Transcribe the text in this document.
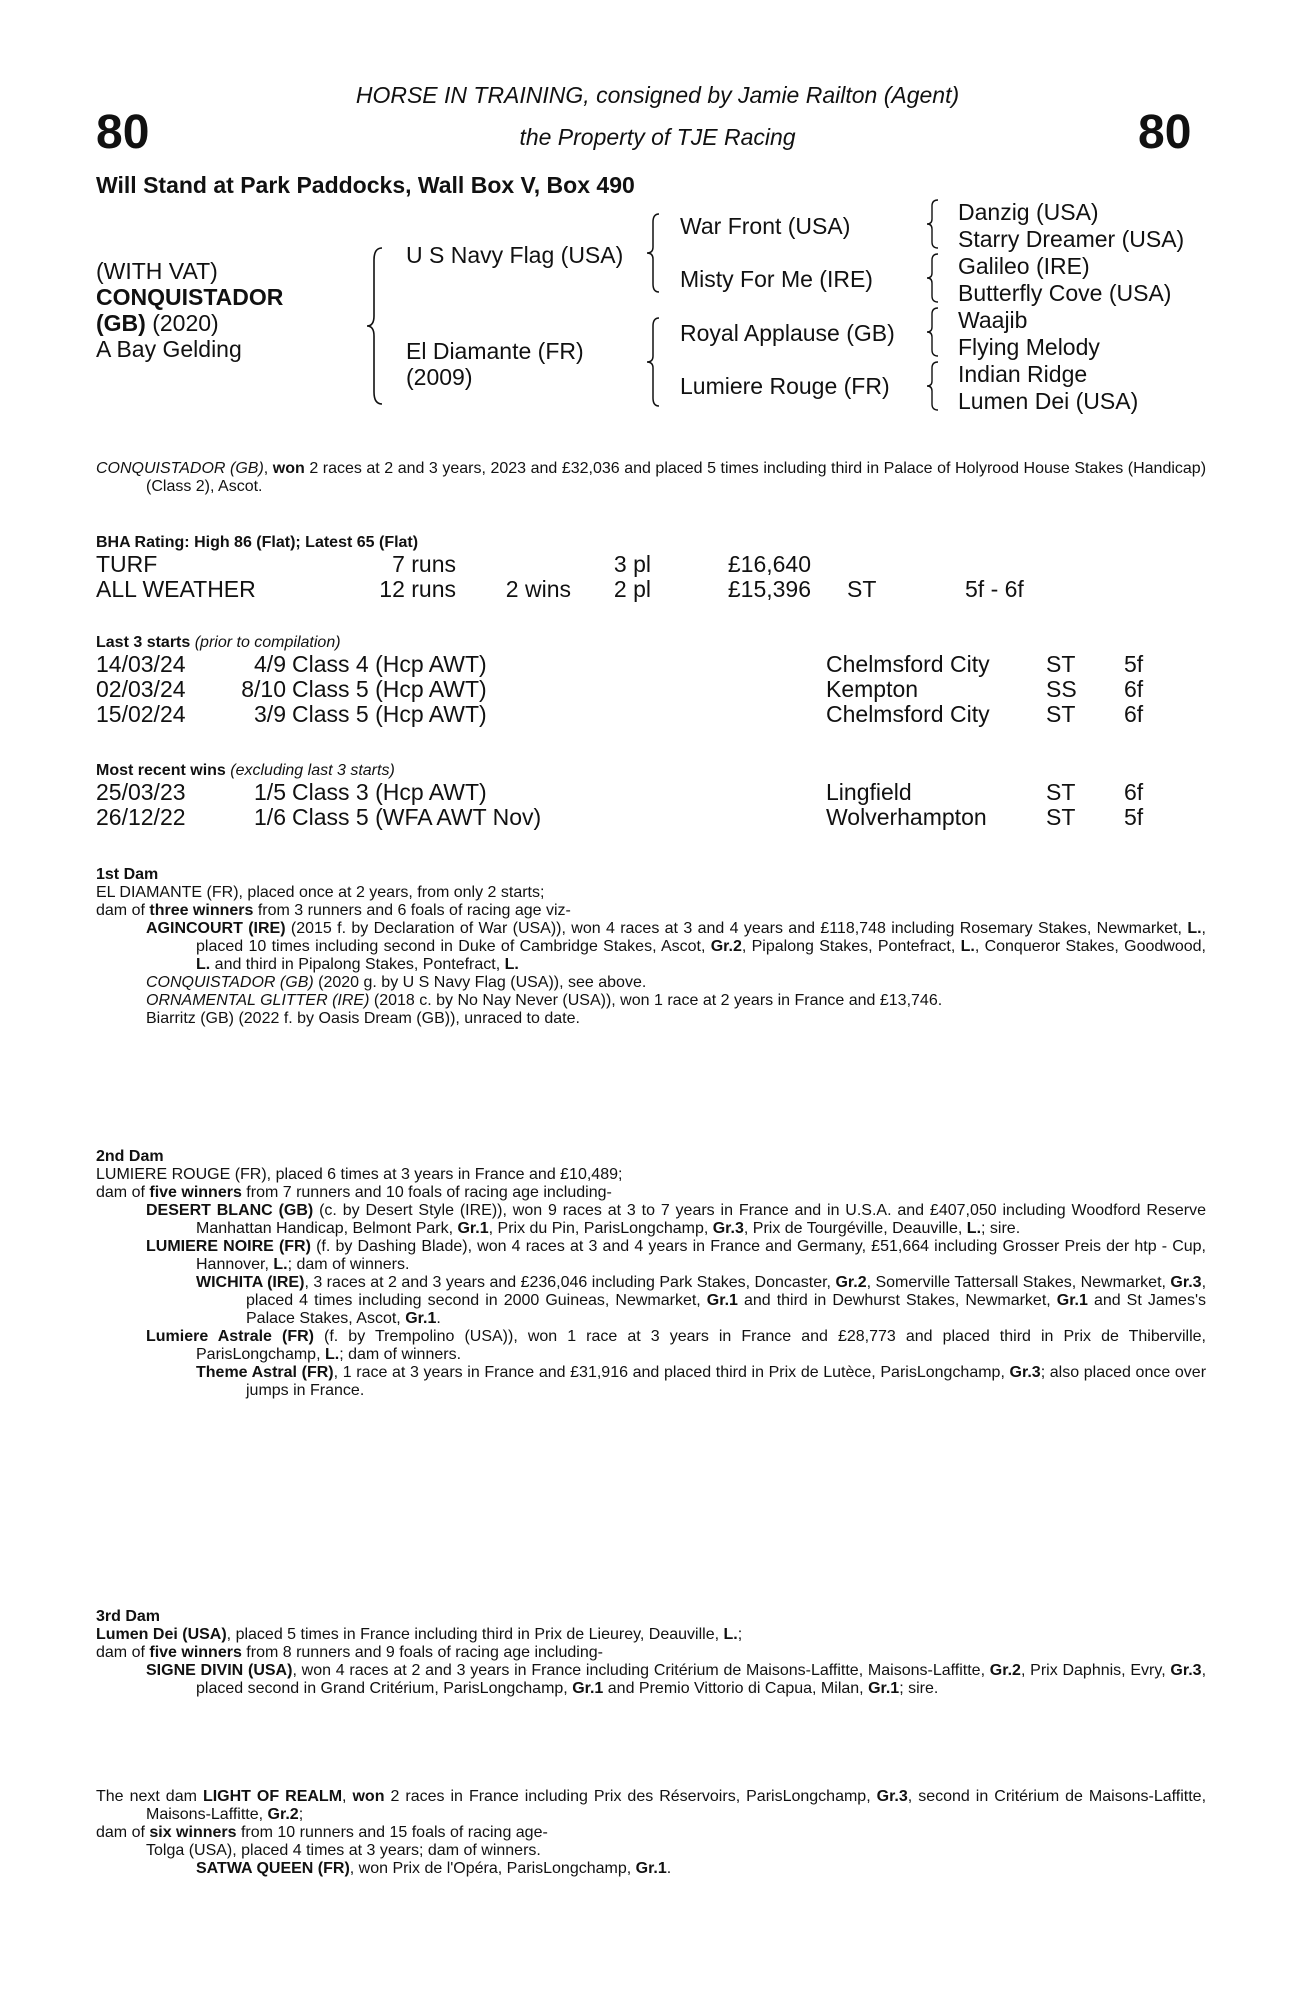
80	80
HORSE IN TRAINING, consigned by Jamie Railton (Agent)
the Property of TJE Racing
Will Stand at Park Paddocks, Wall Box V, Box 490
(WITH VAT)
CONQUISTADOR
(GB) (2020)
A Bay Gelding
U S Navy Flag (USA)
El Diamante (FR)
(2009)
War Front (USA)
Misty For Me (IRE)
Royal Applause (GB)
Lumiere Rouge (FR)
Danzig (USA)
Starry Dreamer (USA)
Galileo (IRE)
Butterfly Cove (USA)
Waajib
Flying Melody
Indian Ridge
Lumen Dei (USA)

CONQUISTADOR (GB), won 2 races at 2 and 3 years, 2023 and £32,036 and placed 5 times including third in Palace of Holyrood House Stakes (Handicap) (Class 2), Ascot.

BHA Rating: High 86 (Flat); Latest 65 (Flat)

TURF	7 runs		3 pl	£16,640		
ALL WEATHER	12 runs	2 wins	2 pl	£15,396	ST	5f - 6f

Last 3 starts (prior to compilation)

14/03/24	4/9	Class 4 (Hcp AWT)	Chelmsford City	ST	5f
02/03/24	8/10	Class 5 (Hcp AWT)	Kempton	SS	6f
15/02/24	3/9	Class 5 (Hcp AWT)	Chelmsford City	ST	6f

Most recent wins (excluding last 3 starts)

25/03/23	1/5	Class 3 (Hcp AWT)	Lingfield	ST	6f
26/12/22	1/6	Class 5 (WFA AWT Nov)	Wolverhampton	ST	5f

1st Dam

EL DIAMANTE (FR), placed once at 2 years, from only 2 starts;

dam of three winners from 3 runners and 6 foals of racing age viz-

AGINCOURT (IRE) (2015 f. by Declaration of War (USA)), won 4 races at 3 and 4 years and £118,748 including Rosemary Stakes, Newmarket, L., placed 10 times including second in Duke of Cambridge Stakes, Ascot, Gr.2, Pipalong Stakes, Pontefract, L., Conqueror Stakes, Goodwood, L. and third in Pipalong Stakes, Pontefract, L.

CONQUISTADOR (GB) (2020 g. by U S Navy Flag (USA)), see above.

ORNAMENTAL GLITTER (IRE) (2018 c. by No Nay Never (USA)), won 1 race at 2 years in France and £13,746.

Biarritz (GB) (2022 f. by Oasis Dream (GB)), unraced to date.

2nd Dam

LUMIERE ROUGE (FR), placed 6 times at 3 years in France and £10,489;

dam of five winners from 7 runners and 10 foals of racing age including-

DESERT BLANC (GB) (c. by Desert Style (IRE)), won 9 races at 3 to 7 years in France and in U.S.A. and £407,050 including Woodford Reserve Manhattan Handicap, Belmont Park, Gr.1, Prix du Pin, ParisLongchamp, Gr.3, Prix de Tourgéville, Deauville, L.; sire.

LUMIERE NOIRE (FR) (f. by Dashing Blade), won 4 races at 3 and 4 years in France and Germany, £51,664 including Grosser Preis der htp - Cup, Hannover, L.; dam of winners.

WICHITA (IRE), 3 races at 2 and 3 years and £236,046 including Park Stakes, Doncaster, Gr.2, Somerville Tattersall Stakes, Newmarket, Gr.3, placed 4 times including second in 2000 Guineas, Newmarket, Gr.1 and third in Dewhurst Stakes, Newmarket, Gr.1 and St James's Palace Stakes, Ascot, Gr.1.

Lumiere Astrale (FR) (f. by Trempolino (USA)), won 1 race at 3 years in France and £28,773 and placed third in Prix de Thiberville, ParisLongchamp, L.; dam of winners.

Theme Astral (FR), 1 race at 3 years in France and £31,916 and placed third in Prix de Lutèce, ParisLongchamp, Gr.3; also placed once over jumps in France.

3rd Dam

Lumen Dei (USA), placed 5 times in France including third in Prix de Lieurey, Deauville, L.;

dam of five winners from 8 runners and 9 foals of racing age including-

SIGNE DIVIN (USA), won 4 races at 2 and 3 years in France including Critérium de Maisons-Laffitte, Maisons-Laffitte, Gr.2, Prix Daphnis, Evry, Gr.3, placed second in Grand Critérium, ParisLongchamp, Gr.1 and Premio Vittorio di Capua, Milan, Gr.1; sire.

The next dam LIGHT OF REALM, won 2 races in France including Prix des Réservoirs, ParisLongchamp, Gr.3, second in Critérium de Maisons-Laffitte, Maisons-Laffitte, Gr.2;

dam of six winners from 10 runners and 15 foals of racing age-

Tolga (USA), placed 4 times at 3 years; dam of winners.

SATWA QUEEN (FR), won Prix de l'Opéra, ParisLongchamp, Gr.1.
